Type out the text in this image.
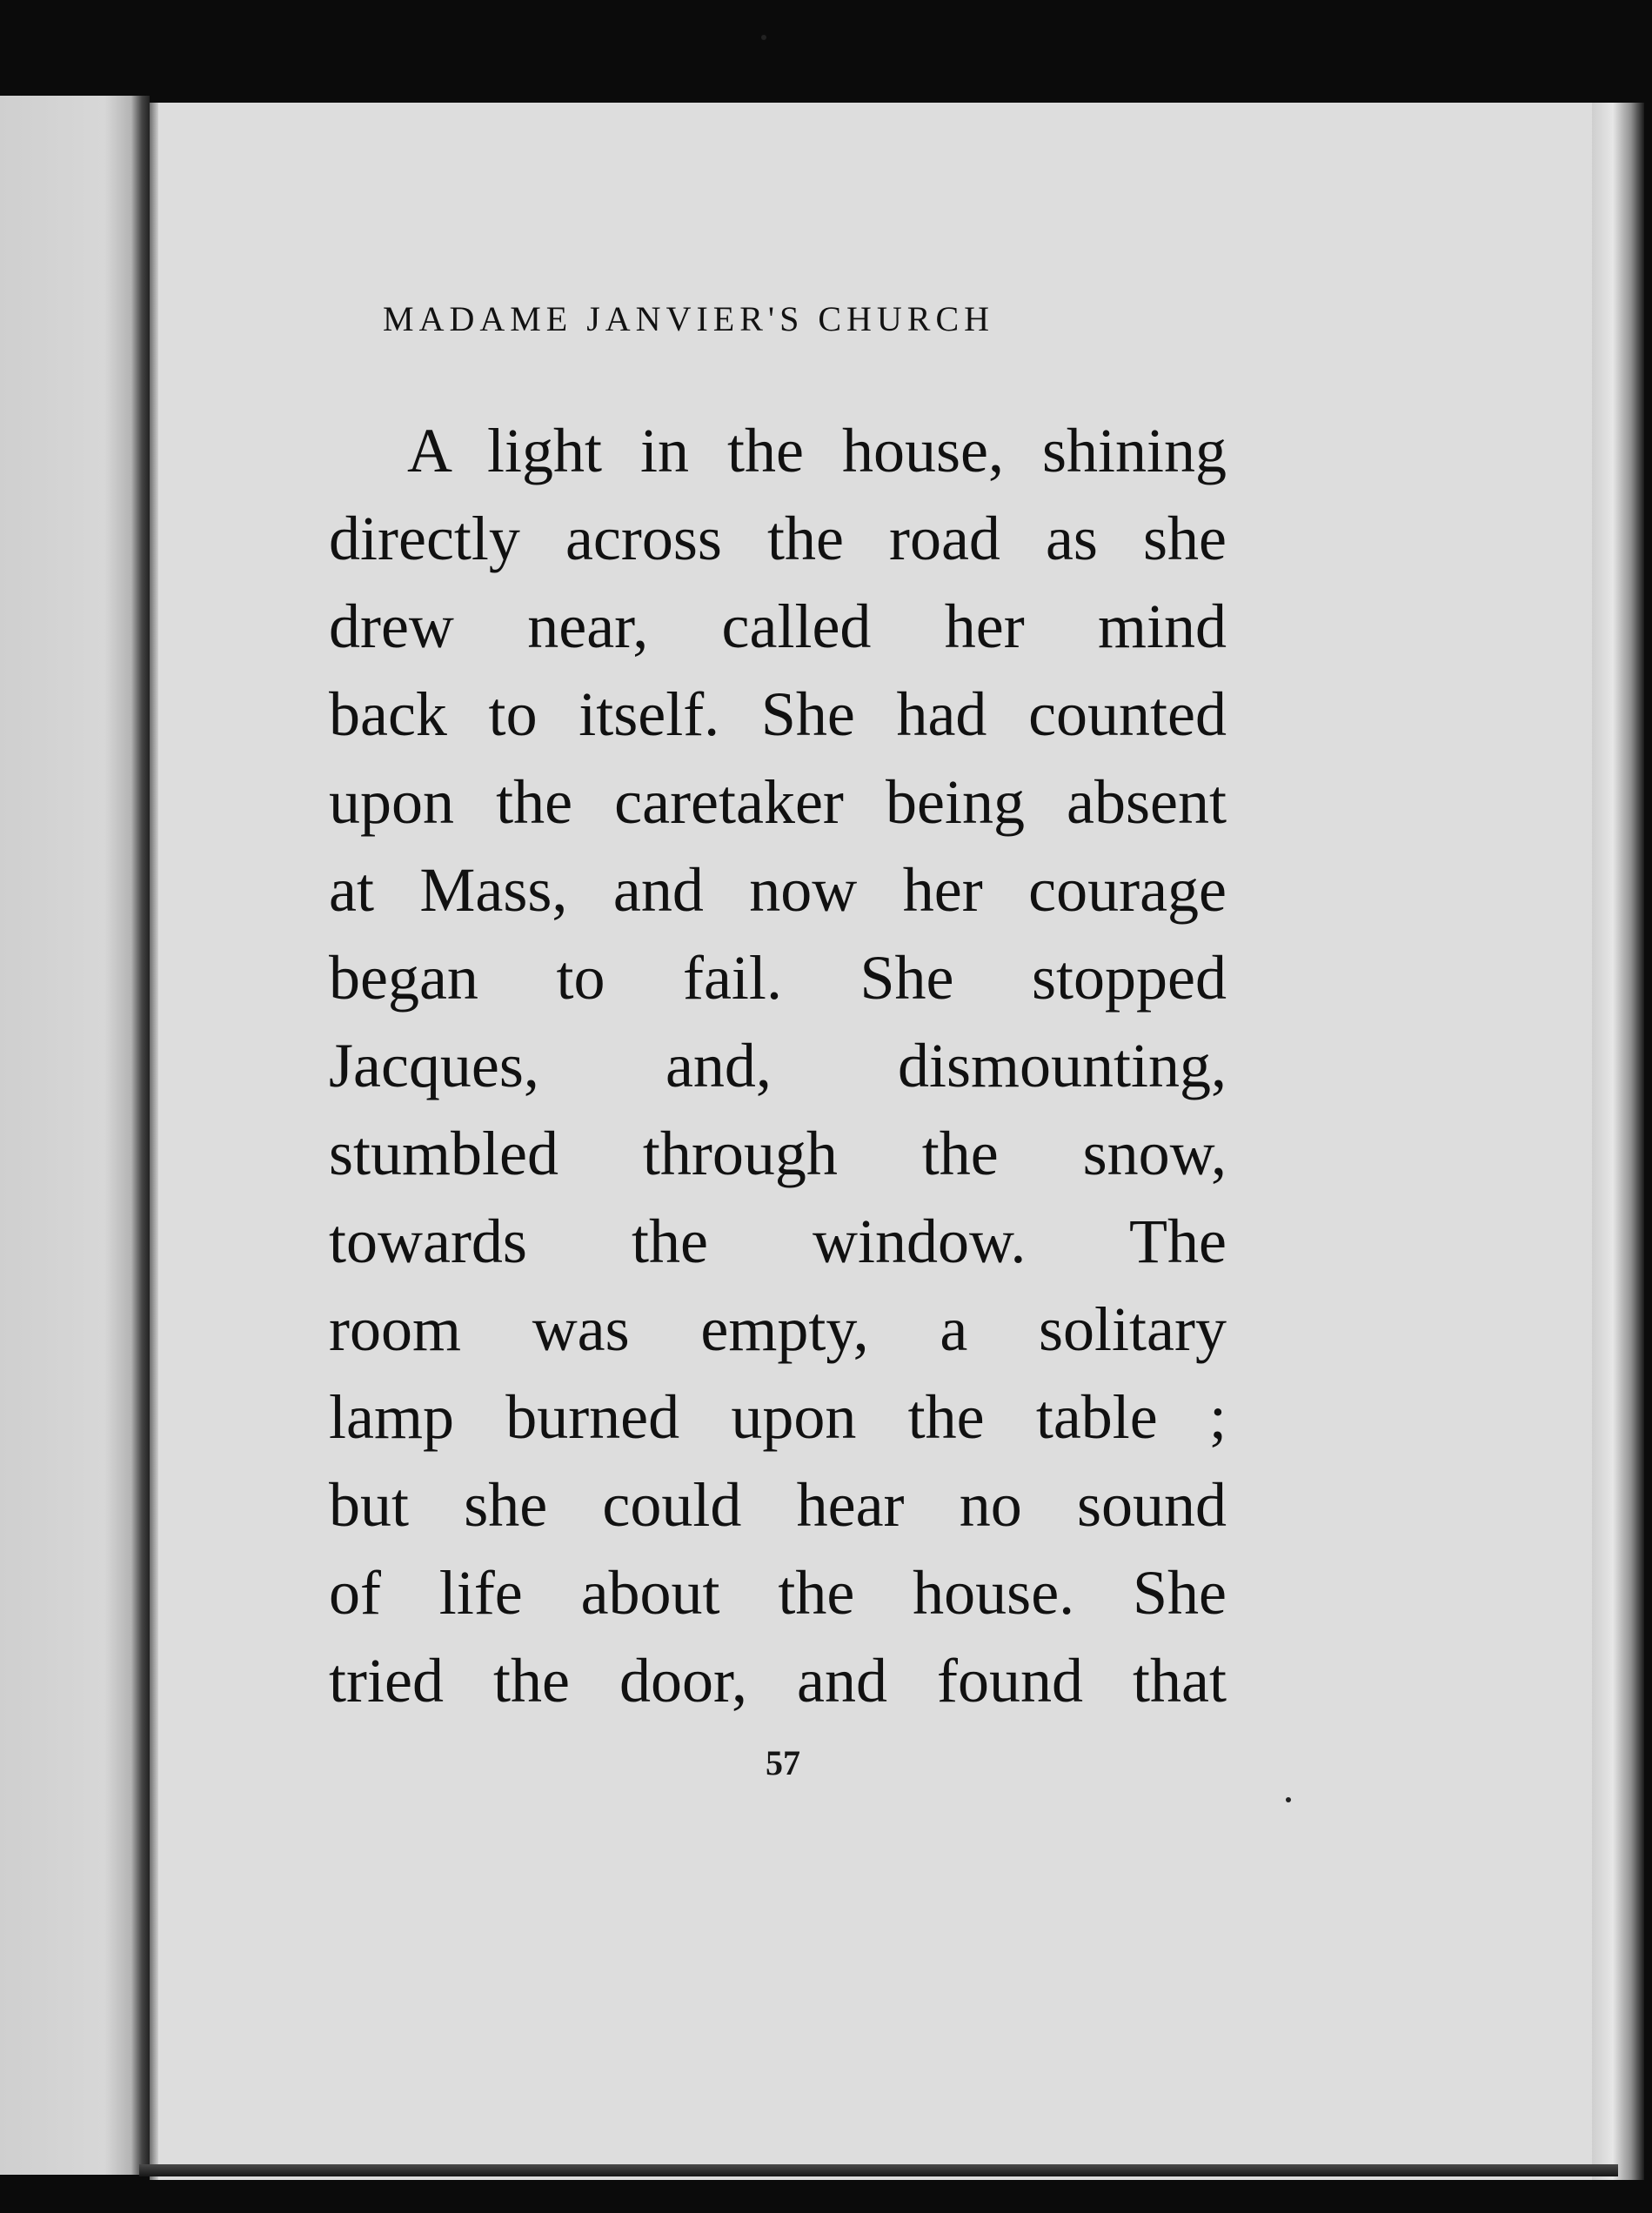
MADAME JANVIER'S CHURCH
A light in the house, shining
directly across the road as she
drew near, called her mind
back to itself. She had counted
upon the caretaker being absent
at Mass, and now her courage
began to fail. She stopped
Jacques, and, dismounting,
stumbled through the snow,
towards the window. The
room was empty, a solitary
lamp burned upon the table ;
but she could hear no sound
of life about the house. She
tried the door, and found that
57
